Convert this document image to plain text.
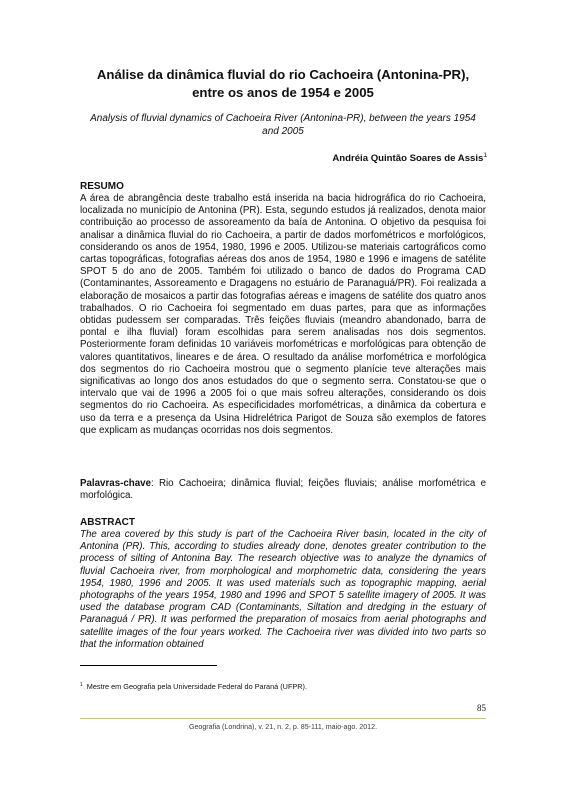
Análise da dinâmica fluvial do rio Cachoeira (Antonina-PR),
entre os anos de 1954 e 2005

Analysis of fluvial dynamics of Cachoeira River (Antonina-PR), between the years 1954
and 2005

Andréia Quintão Soares de Assis$^1$

RESUMO

A área de abrangência deste trabalho está inserida na bacia hidrográfica do rio Cachoeira, localizada no município de Antonina (PR). Esta, segundo estudos já realizados, denota maior contribuição ao processo de assoreamento da baía de Antonina. O objetivo da pesquisa foi analisar a dinâmica fluvial do rio Cachoeira, a partir de dados morfométricos e morfológicos, considerando os anos de 1954, 1980, 1996 e 2005. Utilizou-se materiais cartográficos como cartas topográficas, fotografias aéreas dos anos de 1954, 1980 e 1996 e imagens de satélite SPOT 5 do ano de 2005. Também foi utilizado o banco de dados do Programa CAD (Contaminantes, Assoreamento e Dragagens no estuário de Paranaguá/PR). Foi realizada a elaboração de mosaicos a partir das fotografias aéreas e imagens de satélite dos quatro anos trabalhados. O rio Cachoeira foi segmentado em duas partes, para que as informações obtidas pudessem ser comparadas. Três feições fluviais (meandro abandonado, barra de pontal e ilha fluvial) foram escolhidas para serem analisadas nos dois segmentos. Posteriormente foram definidas 10 variáveis morfométricas e morfológicas para obtenção de valores quantitativos, lineares e de área. O resultado da análise morfométrica e morfológica dos segmentos do rio Cachoeira mostrou que o segmento planície teve alterações mais significativas ao longo dos anos estudados do que o segmento serra. Constatou-se que o intervalo que vai de 1996 a 2005 foi o que mais sofreu alterações, considerando os dois segmentos do rio Cachoeira. As especificidades morfométricas, a dinâmica da cobertura e uso da terra e a presença da Usina Hidrelétrica Parigot de Souza são exemplos de fatores que explicam as mudanças ocorridas nos dois segmentos.

Palavras-chave: Rio Cachoeira; dinâmica fluvial; feições fluviais; análise morfométrica e morfológica.

ABSTRACT

The area covered by this study is part of the Cachoeira River basin, located in the city of Antonina (PR). This, according to studies already done, denotes greater contribution to the process of silting of Antonina Bay. The research objective was to analyze the dynamics of fluvial Cachoeira river, from morphological and morphometric data, considering the years 1954, 1980, 1996 and 2005. It was used materials such as topographic mapping, aerial photographs of the years 1954, 1980 and 1996 and SPOT 5 satellite imagery of 2005. It was used the database program CAD (Contaminants, Siltation and dredging in the estuary of Paranaguá / PR). It was performed the preparation of mosaics from aerial photographs and satellite images of the four years worked. The Cachoeira river was divided into two parts so that the information obtained

$^1$ Mestre em Geografia pela Universidade Federal do Paraná (UFPR).

85

Geografia (Londrina), v. 21, n. 2, p. 85-111, maio-ago. 2012.
